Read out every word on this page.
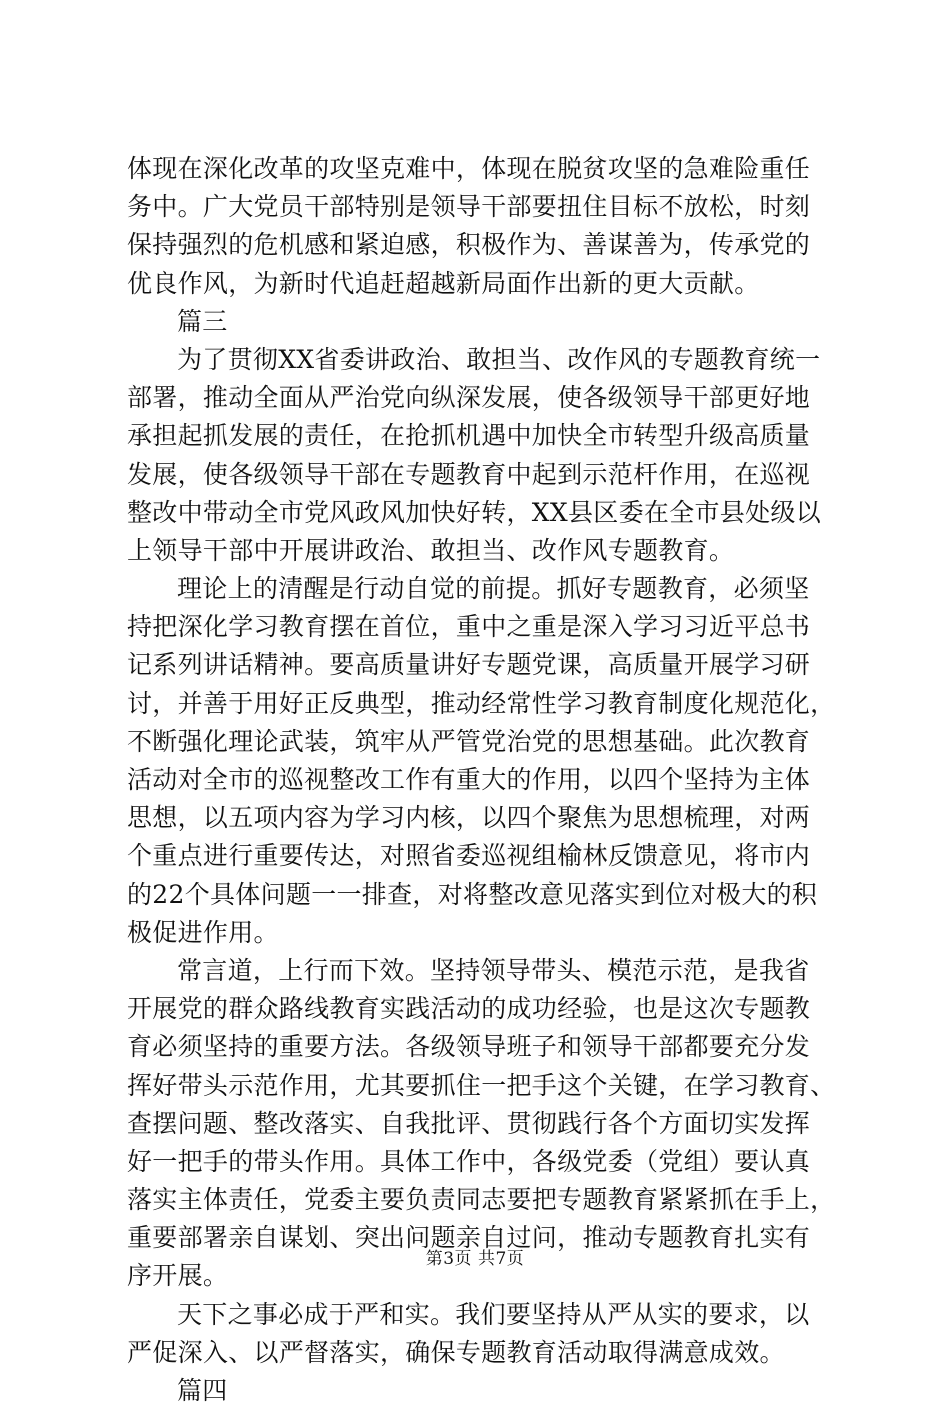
体现在深化改革的攻坚克难中，体现在脱贫攻坚的急难险重任
务中。广大党员干部特别是领导干部要扭住目标不放松，时刻
保持强烈的危机感和紧迫感，积极作为、善谋善为，传承党的
优良作风，为新时代追赶超越新局面作出新的更大贡献。
篇三
为了贯彻XX省委讲政治、敢担当、改作风的专题教育统一
部署，推动全面从严治党向纵深发展，使各级领导干部更好地
承担起抓发展的责任，在抢抓机遇中加快全市转型升级高质量
发展，使各级领导干部在专题教育中起到示范杆作用，在巡视
整改中带动全市党风政风加快好转，XX县区委在全市县处级以
上领导干部中开展讲政治、敢担当、改作风专题教育。
理论上的清醒是行动自觉的前提。抓好专题教育，必须坚
持把深化学习教育摆在首位，重中之重是深入学习习近平总书
记系列讲话精神。要高质量讲好专题党课，高质量开展学习研
讨，并善于用好正反典型，推动经常性学习教育制度化规范化，
不断强化理论武装，筑牢从严管党治党的思想基础。此次教育
活动对全市的巡视整改工作有重大的作用，以四个坚持为主体
思想，以五项内容为学习内核，以四个聚焦为思想梳理，对两
个重点进行重要传达，对照省委巡视组榆林反馈意见，将市内
的22个具体问题一一排查，对将整改意见落实到位对极大的积
极促进作用。
常言道，上行而下效。坚持领导带头、模范示范，是我省
开展党的群众路线教育实践活动的成功经验，也是这次专题教
育必须坚持的重要方法。各级领导班子和领导干部都要充分发
挥好带头示范作用，尤其要抓住一把手这个关键，在学习教育、
查摆问题、整改落实、自我批评、贯彻践行各个方面切实发挥
好一把手的带头作用。具体工作中，各级党委（党组）要认真
落实主体责任，党委主要负责同志要把专题教育紧紧抓在手上，
重要部署亲自谋划、突出问题亲自过问，推动专题教育扎实有
序开展。
天下之事必成于严和实。我们要坚持从严从实的要求，以
严促深入、以严督落实，确保专题教育活动取得满意成效。
篇四
第3页 共7页
